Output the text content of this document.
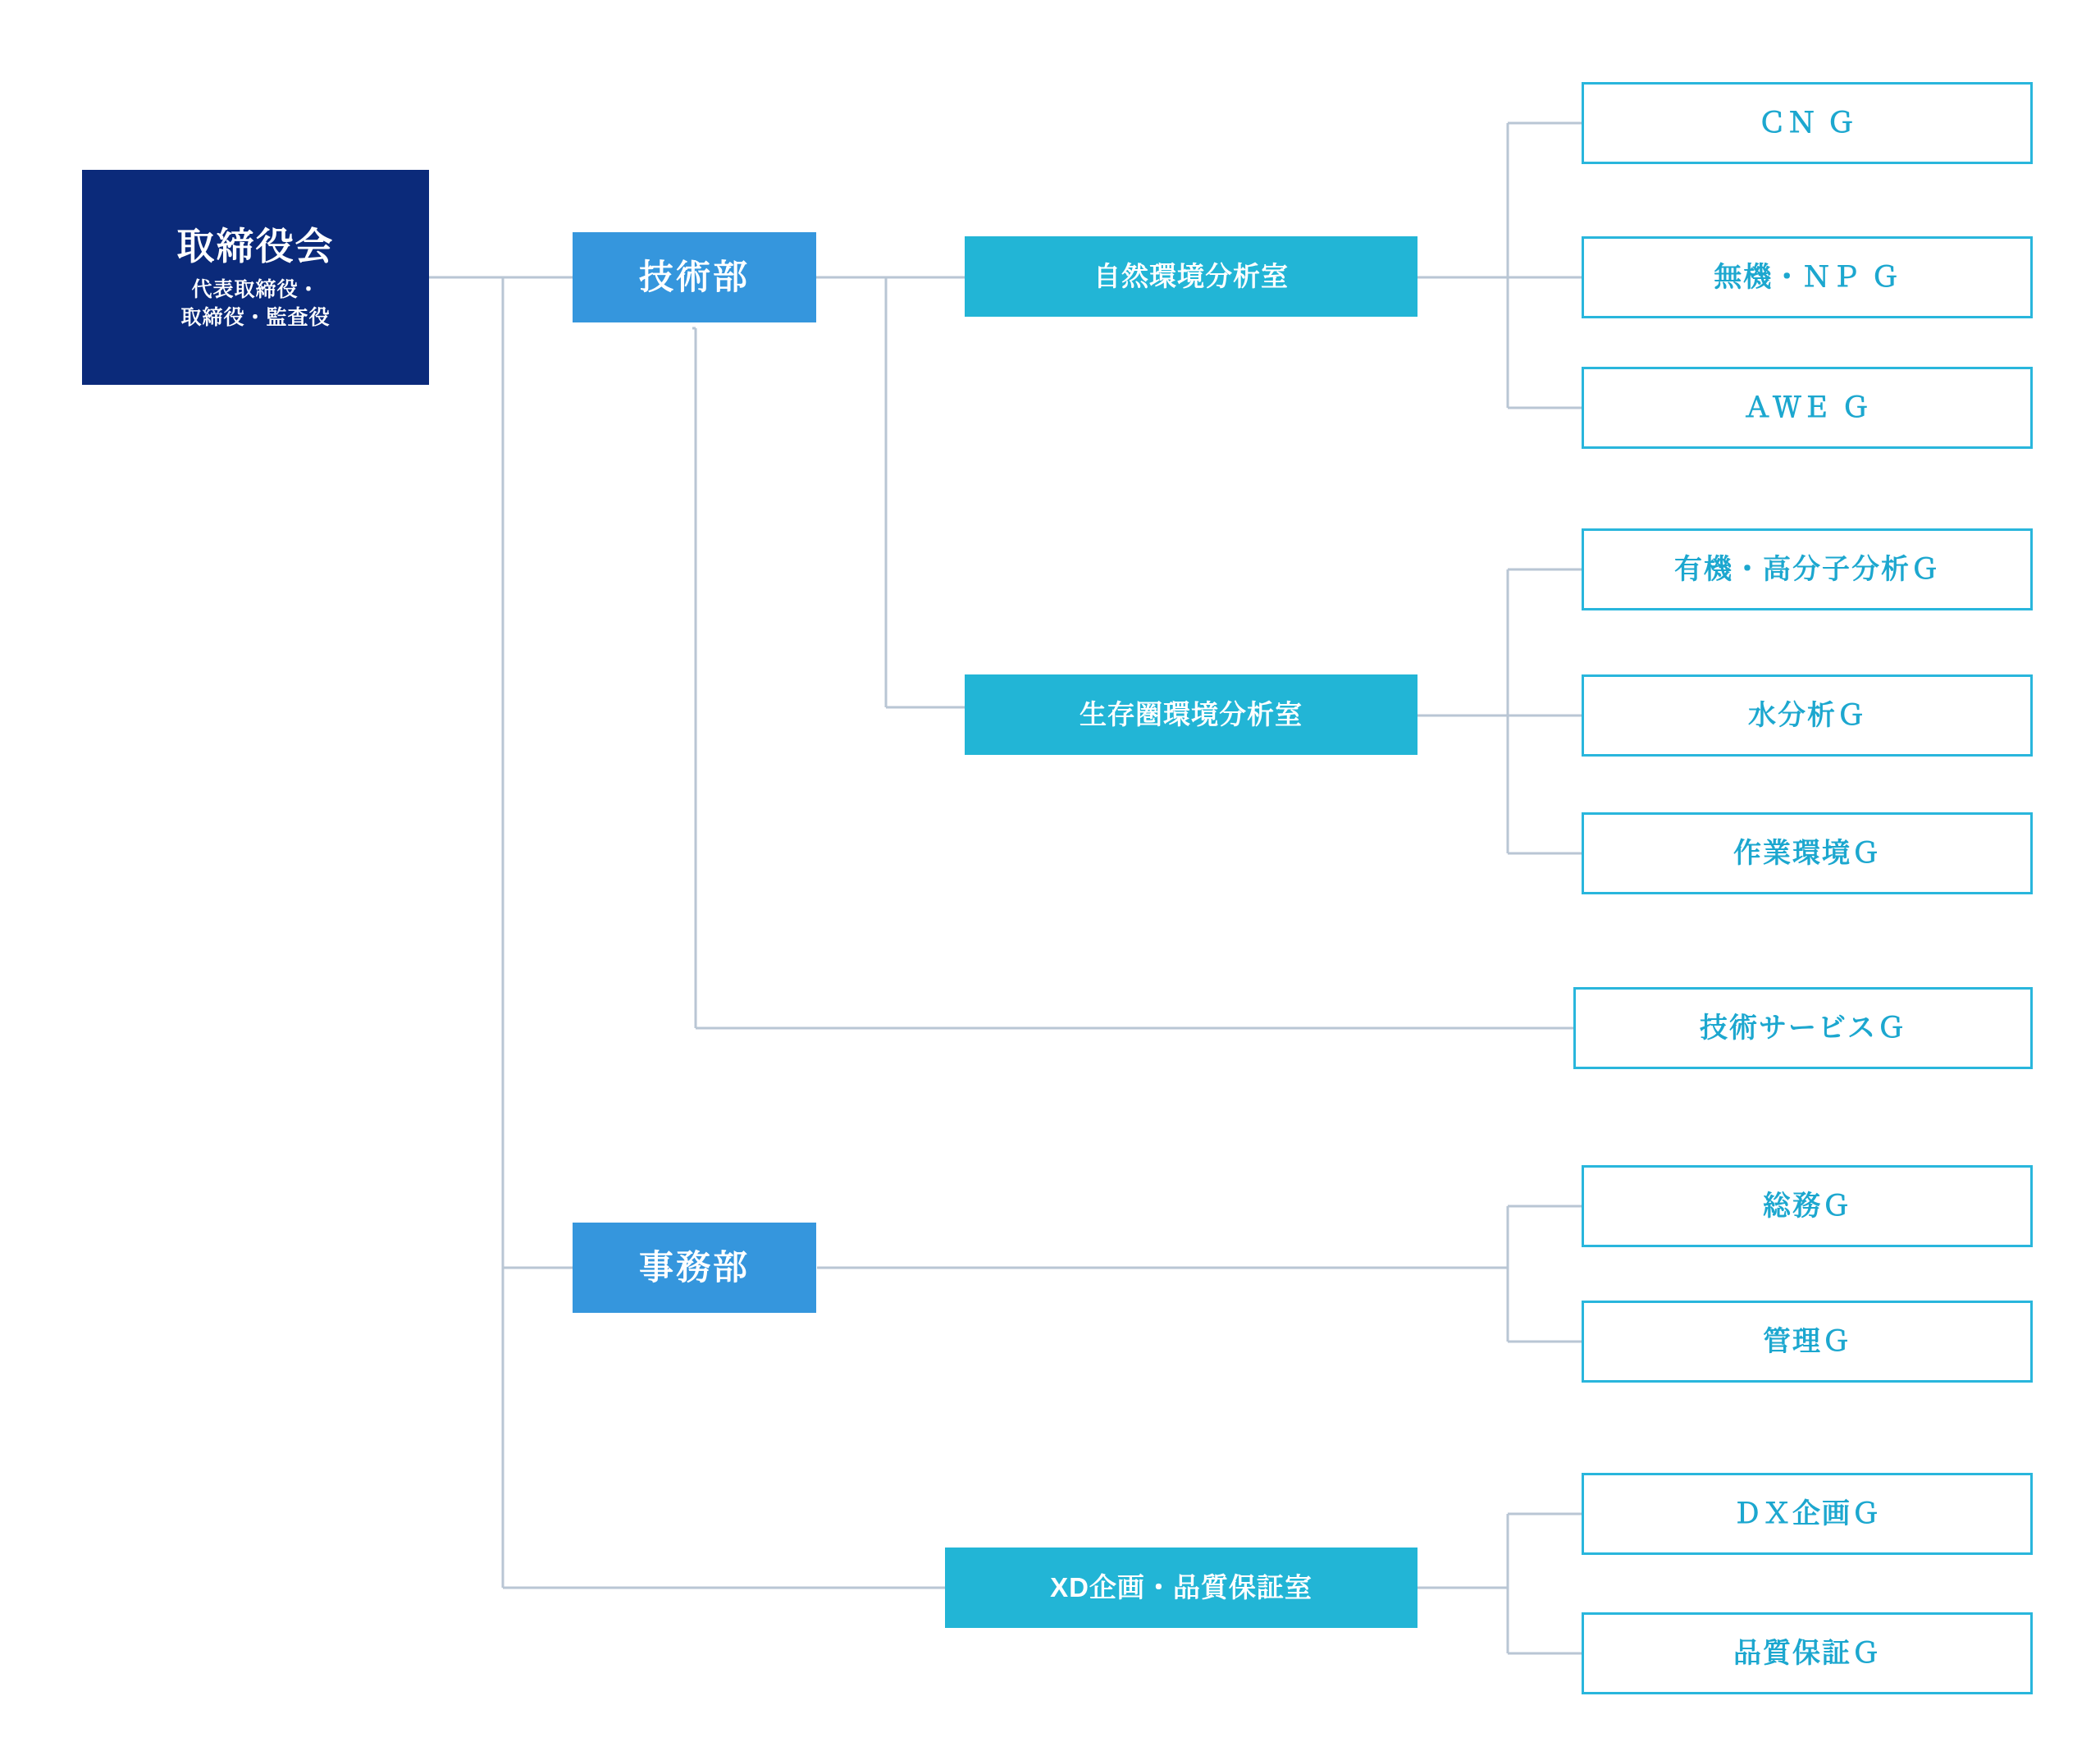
取締役会
代表取締役・
取締役・監査役
技術部
事務部
自然環境分析室
生存圏環境分析室
XD企画・品質保証室
ＣＮ Ｇ
無機・ＮＰ Ｇ
ＡＷＥ Ｇ
有機・高分子分析Ｇ
水分析Ｇ
作業環境Ｇ
技術サービスＧ
総務Ｇ
管理Ｇ
ＤＸ企画Ｇ
品質保証Ｇ
